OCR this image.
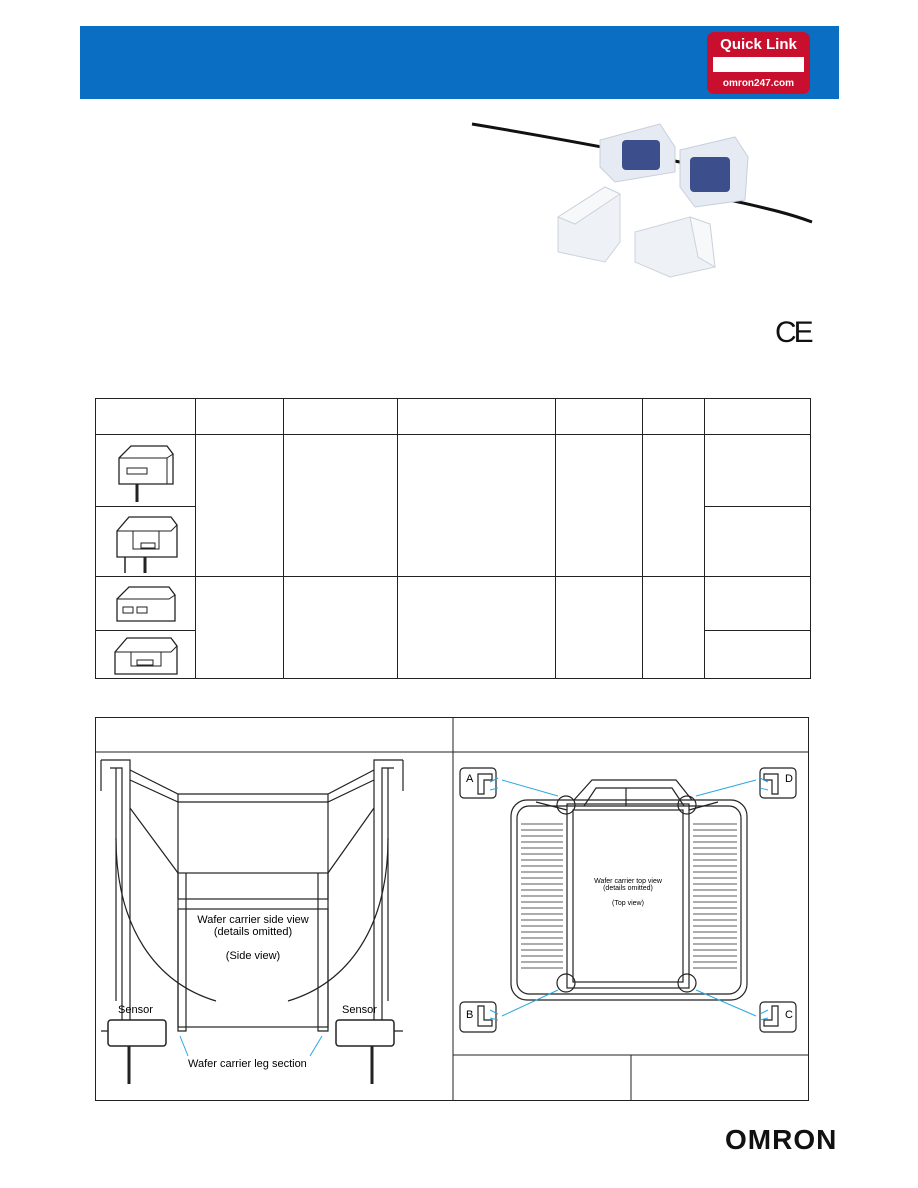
Quick Link
omron247.com
CE

Wafer carrier side view
(details omitted)
(Side view)
Sensor	Sensor
Wafer carrier leg section
Wafer carrier top view
(details omitted)
(Top view)
A	D
B	C
OMRON
